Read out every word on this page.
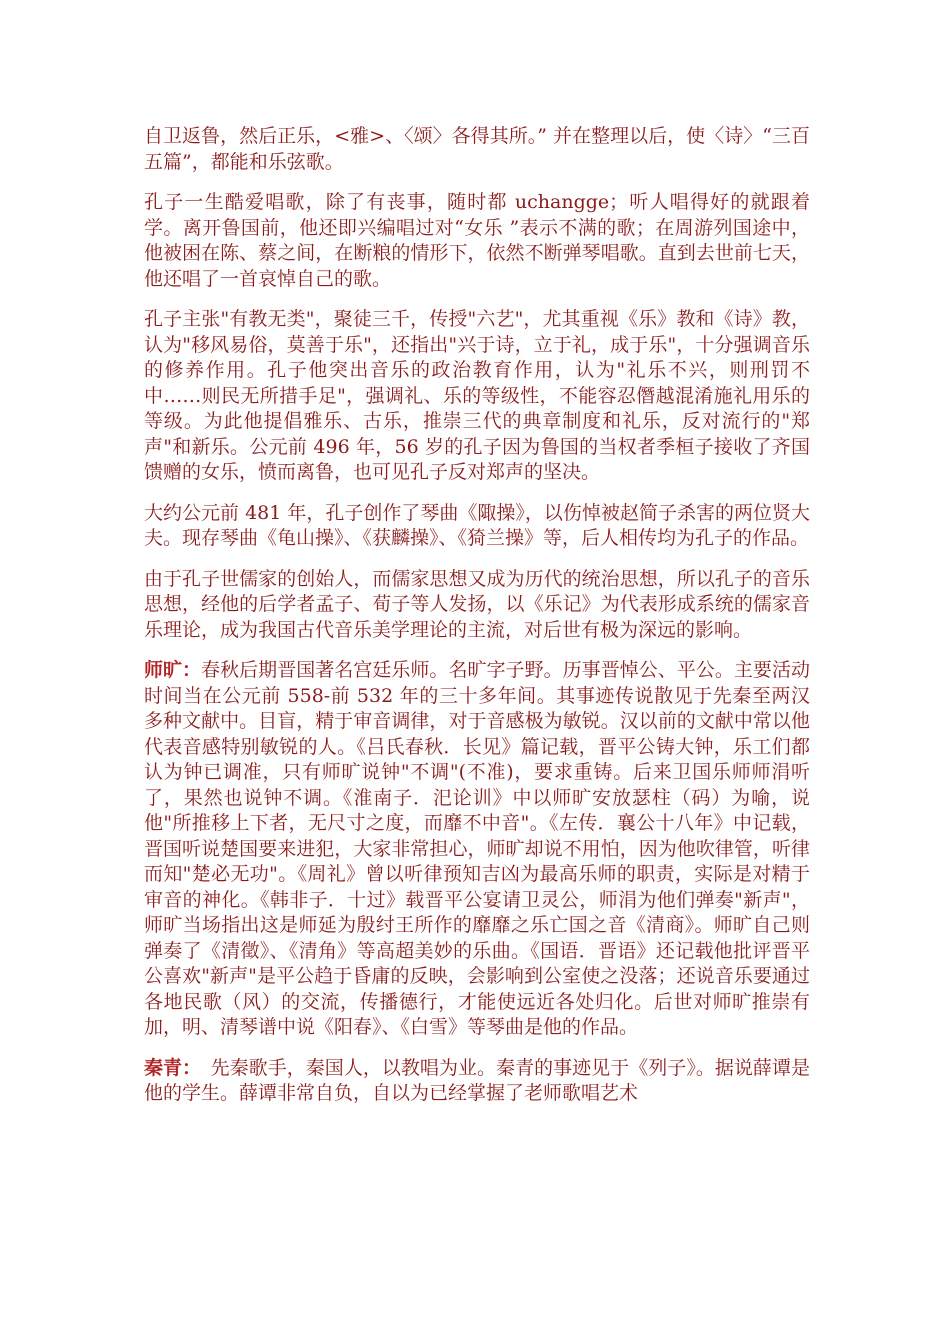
自卫返鲁，然后正乐，<雅>、〈颂〉各得其所。” 并在整理以后，使〈诗〉“三百五篇”，都能和乐弦歌。

孔子一生酷爱唱歌，除了有丧事，随时都 uchangge；听人唱得好的就跟着学。离开鲁国前，他还即兴编唱过对“女乐 ”表示不满的歌；在周游列国途中，他被困在陈、蔡之间，在断粮的情形下，依然不断弹琴唱歌。直到去世前七天，他还唱了一首哀悼自己的歌。

孔子主张"有教无类"，聚徒三千，传授"六艺"，尤其重视《乐》教和《诗》教，认为"移风易俗，莫善于乐"，还指出"兴于诗，立于礼，成于乐"，十分强调音乐的修养作用。孔子他突出音乐的政治教育作用，认为"礼乐不兴，则刑罚不中……则民无所措手足"，强调礼、乐的等级性，不能容忍僭越混淆施礼用乐的等级。为此他提倡雅乐、古乐，推崇三代的典章制度和礼乐，反对流行的"郑声"和新乐。公元前 496 年，56 岁的孔子因为鲁国的当权者季桓子接收了齐国馈赠的女乐，愤而离鲁，也可见孔子反对郑声的坚决。

大约公元前 481 年，孔子创作了琴曲《陬操》，以伤悼被赵简子杀害的两位贤大夫。现存琴曲《龟山操》、《获麟操》、《猗兰操》等，后人相传均为孔子的作品。

由于孔子世儒家的创始人，而儒家思想又成为历代的统治思想，所以孔子的音乐思想，经他的后学者孟子、荀子等人发扬，以《乐记》为代表形成系统的儒家音乐理论，成为我国古代音乐美学理论的主流，对后世有极为深远的影响。

师旷：春秋后期晋国著名宫廷乐师。名旷字子野。历事晋悼公、平公。主要活动时间当在公元前 558-前 532 年的三十多年间。其事迹传说散见于先秦至两汉多种文献中。目盲，精于审音调律，对于音感极为敏锐。汉以前的文献中常以他代表音感特别敏锐的人。《吕氏春秋．长见》篇记载，晋平公铸大钟，乐工们都认为钟已调准，只有师旷说钟"不调"(不准)，要求重铸。后来卫国乐师师涓听了，果然也说钟不调。《淮南子．汜论训》中以师旷安放瑟柱（码）为喻，说他"所推移上下者，无尺寸之度，而靡不中音"。《左传．襄公十八年》中记载，晋国听说楚国要来进犯，大家非常担心，师旷却说不用怕，因为他吹律管，听律而知"楚必无功"。《周礼》曾以听律预知吉凶为最高乐师的职责，实际是对精于审音的神化。《韩非子．十过》载晋平公宴请卫灵公，师涓为他们弹奏"新声"，师旷当场指出这是师延为殷纣王所作的靡靡之乐亡国之音《清商》。师旷自己则弹奏了《清徵》、《清角》等高超美妙的乐曲。《国语．晋语》还记载他批评晋平公喜欢"新声"是平公趋于昏庸的反映，会影响到公室使之没落；还说音乐要通过各地民歌（风）的交流，传播德行，才能使远近各处归化。后世对师旷推崇有加，明、清琴谱中说《阳春》、《白雪》等琴曲是他的作品。

秦青：　先秦歌手，秦国人，以教唱为业。秦青的事迹见于《列子》。据说薛谭是他的学生。薛谭非常自负，自以为已经掌握了老师歌唱艺术
